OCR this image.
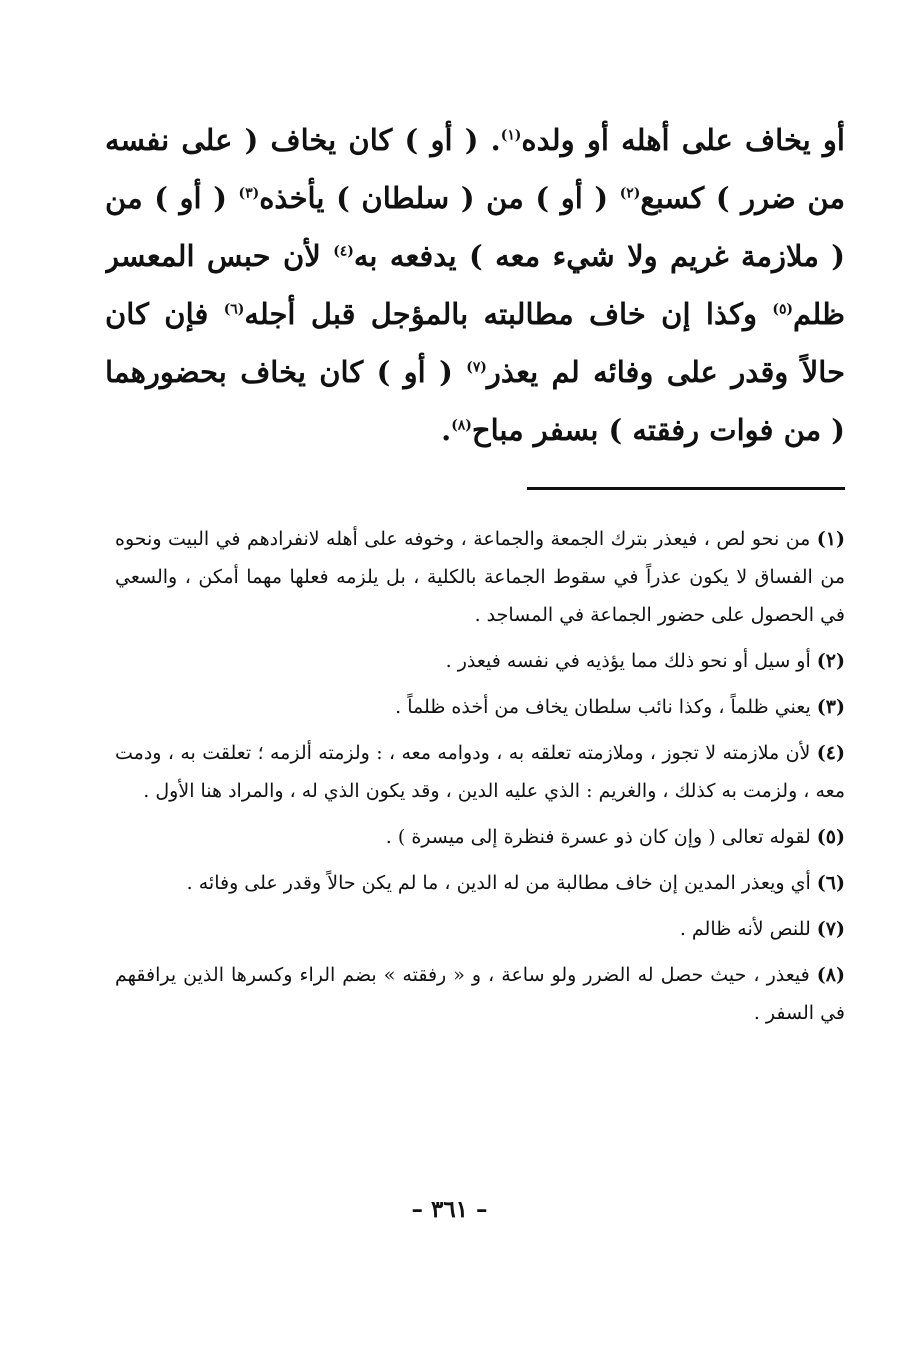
أو يخاف على أهله أو ولده$^{(١)}$. ( أو ) كان يخاف ( على نفسه
من ضرر ) كسبع$^{(٢)}$ ( أو ) من ( سلطان ) يأخذه$^{(٣)}$ ( أو ) من
( ملازمة غريم ولا شيء معه ) يدفعه به$^{(٤)}$ لأن حبس المعسر
ظلم$^{(٥)}$ وكذا إن خاف مطالبته بالمؤجل قبل أجله$^{(٦)}$ فإن كان
حالاً وقدر على وفائه لم يعذر$^{(٧)}$ ( أو ) كان يخاف بحضورهما
( من فوات رفقته ) بسفر مباح$^{(٨)}$.

(١) من نحو لص ، فيعذر بترك الجمعة والجماعة ، وخوفه على أهله لانفرادهم في البيت ونحوه من الفساق لا يكون عذراً في سقوط الجماعة بالكلية ، بل يلزمه فعلها مهما أمكن ، والسعي في الحصول على حضور الجماعة في المساجد .

(٢) أو سيل أو نحو ذلك مما يؤذيه في نفسه فيعذر .

(٣) يعني ظلماً ، وكذا نائب سلطان يخاف من أخذه ظلماً .

(٤) لأن ملازمته لا تجوز ، وملازمته تعلقه به ، ودوامه معه ، : ولزمته ألزمه ؛ تعلقت به ، ودمت معه ، ولزمت به كذلك ، والغريم : الذي عليه الدين ، وقد يكون الذي له ، والمراد هنا الأول .

(٥) لقوله تعالى ( وإن كان ذو عسرة فنظرة إلى ميسرة ) .

(٦) أي ويعذر المدين إن خاف مطالبة من له الدين ، ما لم يكن حالاً وقدر على وفائه .

(٧) للنص لأنه ظالم .

(٨) فيعذر ، حيث حصل له الضرر ولو ساعة ، و « رفقته » بضم الراء وكسرها الذين يرافقهم في السفر .

– ٣٦١ –
